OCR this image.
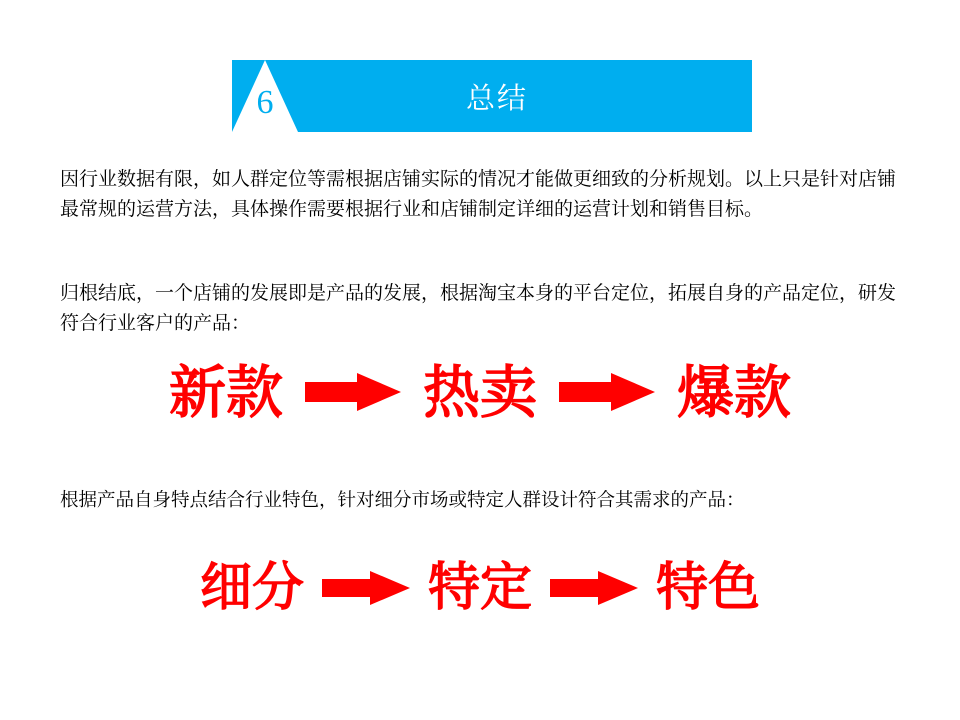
6	总结
因行业数据有限，如人群定位等需根据店铺实际的情况才能做更细致的分析规划。以上只是针对店铺最常规的运营方法，具体操作需要根据行业和店铺制定详细的运营计划和销售目标。
归根结底，一个店铺的发展即是产品的发展，根据淘宝本身的平台定位，拓展自身的产品定位，研发符合行业客户的产品：
新款 热卖 爆款
根据产品自身特点结合行业特色，针对细分市场或特定人群设计符合其需求的产品：
细分 特定 特色
